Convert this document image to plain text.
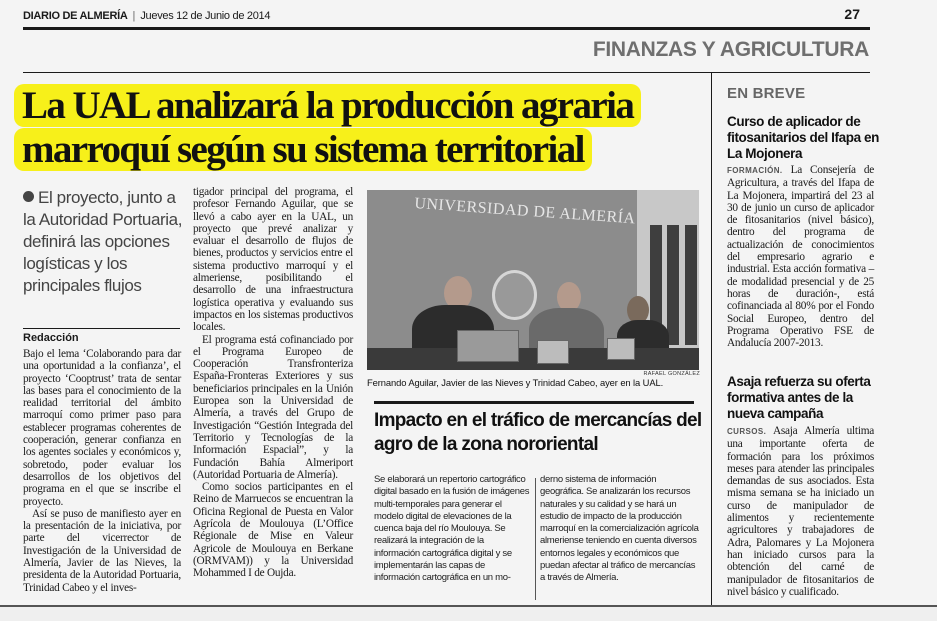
DIARIO DE ALMERÍA | Jueves 12 de Junio de 2014	27
FINANZAS Y AGRICULTURA
La UAL analizará la producción agraria
marroquí según su sistema territorial
El proyecto, junto a la Autoridad Portuaria, definirá las opciones logísticas y los principales flujos
Redacción

Bajo el lema ‘Colaborando para dar una oportunidad a la confianza’, el proyecto ‘Cooptrust’ trata de sentar las bases para el conocimiento de la realidad territorial del ámbito marroquí como primer paso para establecer programas coherentes de cooperación, generar confianza en los agentes sociales y económicos y, sobretodo, poder evaluar los desarrollos de los objetivos del programa en el que se inscribe el proyecto.

Así se puso de manifiesto ayer en la presentación de la iniciativa, por parte del vicerrector de Investigación de la Universidad de Almería, Javier de las Nieves, la presidenta de la Autoridad Portuaria, Trinidad Cabeo y el inves-

tigador principal del programa, el profesor Fernando Aguilar, que se llevó a cabo ayer en la UAL, un proyecto que prevé analizar y evaluar el desarrollo de flujos de bienes, productos y servicios entre el sistema productivo marroquí y el almeriense, posibilitando el desarrollo de una infraestructura logística operativa y evaluando sus impactos en los sistemas productivos locales.

El programa está cofinanciado por el Programa Europeo de Cooperación Transfronteriza España-Fronteras Exteriores y sus beneficiarios principales en la Unión Europea son la Universidad de Almería, a través del Grupo de Investigación “Gestión Integrada del Territorio y Tecnologías de la Información Espacial”, y la Fundación Bahía Almeriport (Autoridad Portuaria de Almería).

Como socios participantes en el Reino de Marruecos se encuentran la Oficina Regional de Puesta en Valor Agrícola de Moulouya (L’Office Régionale de Mise en Valeur Agricole de Moulouya en Berkane (ORMVAM)) y la Universidad Mohammed I de Oujda.

UNIVERSIDAD DE ALMERÍA
RAFAEL GONZÁLEZ
Fernando Aguilar, Javier de las Nieves y Trinidad Cabeo, ayer en la UAL.
Impacto en el tráfico de mercancías del agro de la zona nororiental
Se elaborará un repertorio cartográfico digital basado en la fusión de imágenes multi-temporales para generar el modelo digital de elevaciones de la cuenca baja del río Moulouya. Se realizará la integración de la información cartográfica digital y se implementarán las capas de información cartográfica en un mo-
derno sistema de información geográfica. Se analizarán los recursos naturales y su calidad y se hará un estudio de impacto de la producción marroquí en la comercialización agrícola almeriense teniendo en cuenta diversos entornos legales y económicos que puedan afectar al tráfico de mercancías a través de Almería.
EN BREVE
Curso de aplicador de fitosanitarios del Ifapa en La Mojonera
FORMACIÓN. La Consejería de Agricultura, a través del Ifapa de La Mojonera, impartirá del 23 al 30 de junio un curso de aplicador de fitosanitarios (nivel básico), dentro del programa de actualización de conocimientos del empresario agrario e industrial. Esta acción formativa –de modalidad presencial y de 25 horas de duración-, está cofinanciada al 80% por el Fondo Social Europeo, dentro del Programa Operativo FSE de Andalucía 2007-2013.
Asaja refuerza su oferta formativa antes de la nueva campaña
CURSOS. Asaja Almería ultima una importante oferta de formación para los próximos meses para atender las principales demandas de sus asociados. Esta misma semana se ha iniciado un curso de manipulador de alimentos y recientemente agricultores y trabajadores de Adra, Palomares y La Mojonera han iniciado cursos para la obtención del carné de manipulador de fitosanitarios de nivel básico y cualificado.
